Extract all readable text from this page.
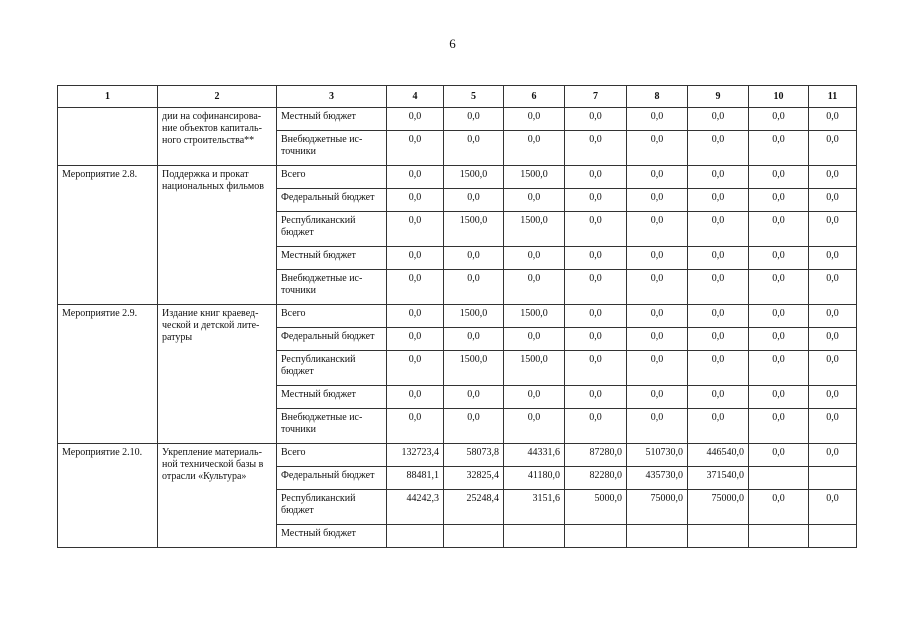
6
1	2	3	4	5	6	7	8	9	10	11
	дии на софинансирова-ние объектов капиталь-ного строительства**	Местный бюджет	0,0	0,0	0,0	0,0	0,0	0,0	0,0	0,0
		Внебюджетные ис-точники	0,0	0,0	0,0	0,0	0,0	0,0	0,0	0,0
Мероприятие 2.8.	Поддержка и прокат национальных фильмов	Всего	0,0	1500,0	1500,0	0,0	0,0	0,0	0,0	0,0
		Федеральный бюджет	0,0	0,0	0,0	0,0	0,0	0,0	0,0	0,0
		Республиканский бюджет	0,0	1500,0	1500,0	0,0	0,0	0,0	0,0	0,0
		Местный бюджет	0,0	0,0	0,0	0,0	0,0	0,0	0,0	0,0
		Внебюджетные ис-точники	0,0	0,0	0,0	0,0	0,0	0,0	0,0	0,0
Мероприятие 2.9.	Издание книг краевед-ческой и детской лите-ратуры	Всего	0,0	1500,0	1500,0	0,0	0,0	0,0	0,0	0,0
		Федеральный бюджет	0,0	0,0	0,0	0,0	0,0	0,0	0,0	0,0
		Республиканский бюджет	0,0	1500,0	1500,0	0,0	0,0	0,0	0,0	0,0
		Местный бюджет	0,0	0,0	0,0	0,0	0,0	0,0	0,0	0,0
		Внебюджетные ис-точники	0,0	0,0	0,0	0,0	0,0	0,0	0,0	0,0
Мероприятие 2.10.	Укрепление материаль-ной технической базы в отрасли «Культура»	Всего	132723,4	58073,8	44331,6	87280,0	510730,0	446540,0	0,0	0,0
		Федеральный бюджет	88481,1	32825,4	41180,0	82280,0	435730,0	371540,0		
		Республиканский бюджет	44242,3	25248,4	3151,6	5000,0	75000,0	75000,0	0,0	0,0
		Местный бюджет								
